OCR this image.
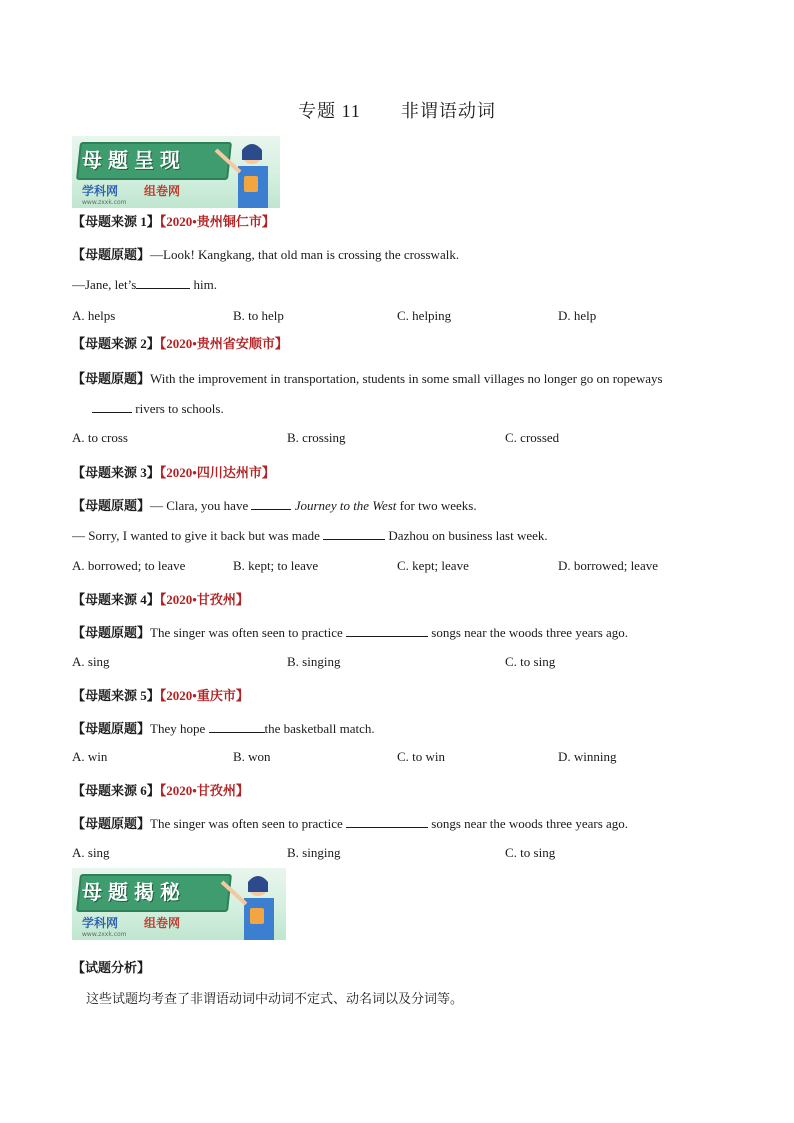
专题 11 非谓语动词
母题呈现
学科网
www.zxxk.com
组卷网
【母题来源 1】【2020•贵州铜仁市】
【母题原题】—Look! Kangkang, that old man is crossing the crosswalk.
—Jane, let’s	him.
A. helps	B. to help	C. helping	D. help
【母题来源 2】【2020•贵州省安顺市】
【母题原题】With the improvement in transportation, students in some small villages no longer go on ropeways
rivers to schools.
A. to cross	B. crossing	C. crossed
【母题来源 3】【2020•四川达州市】
【母题原题】— Clara, you have	Journey to the West for two weeks.
— Sorry, I wanted to give it back but was made	Dazhou on business last week.
A. borrowed; to leave	B. kept; to leave	C. kept; leave	D. borrowed; leave
【母题来源 4】【2020•甘孜州】
【母题原题】The singer was often seen to practice	songs near the woods three years ago.
A. sing	B. singing	C. to sing
【母题来源 5】【2020•重庆市】
【母题原题】They hope	the basketball match.
A. win	B. won	C. to win	D. winning
【母题来源 6】【2020•甘孜州】
【母题原题】The singer was often seen to practice	songs near the woods three years ago.
A. sing	B. singing	C. to sing
母题揭秘
学科网
www.zxxk.com
组卷网
【试题分析】
这些试题均考查了非谓语动词中动词不定式、动名词以及分词等。
